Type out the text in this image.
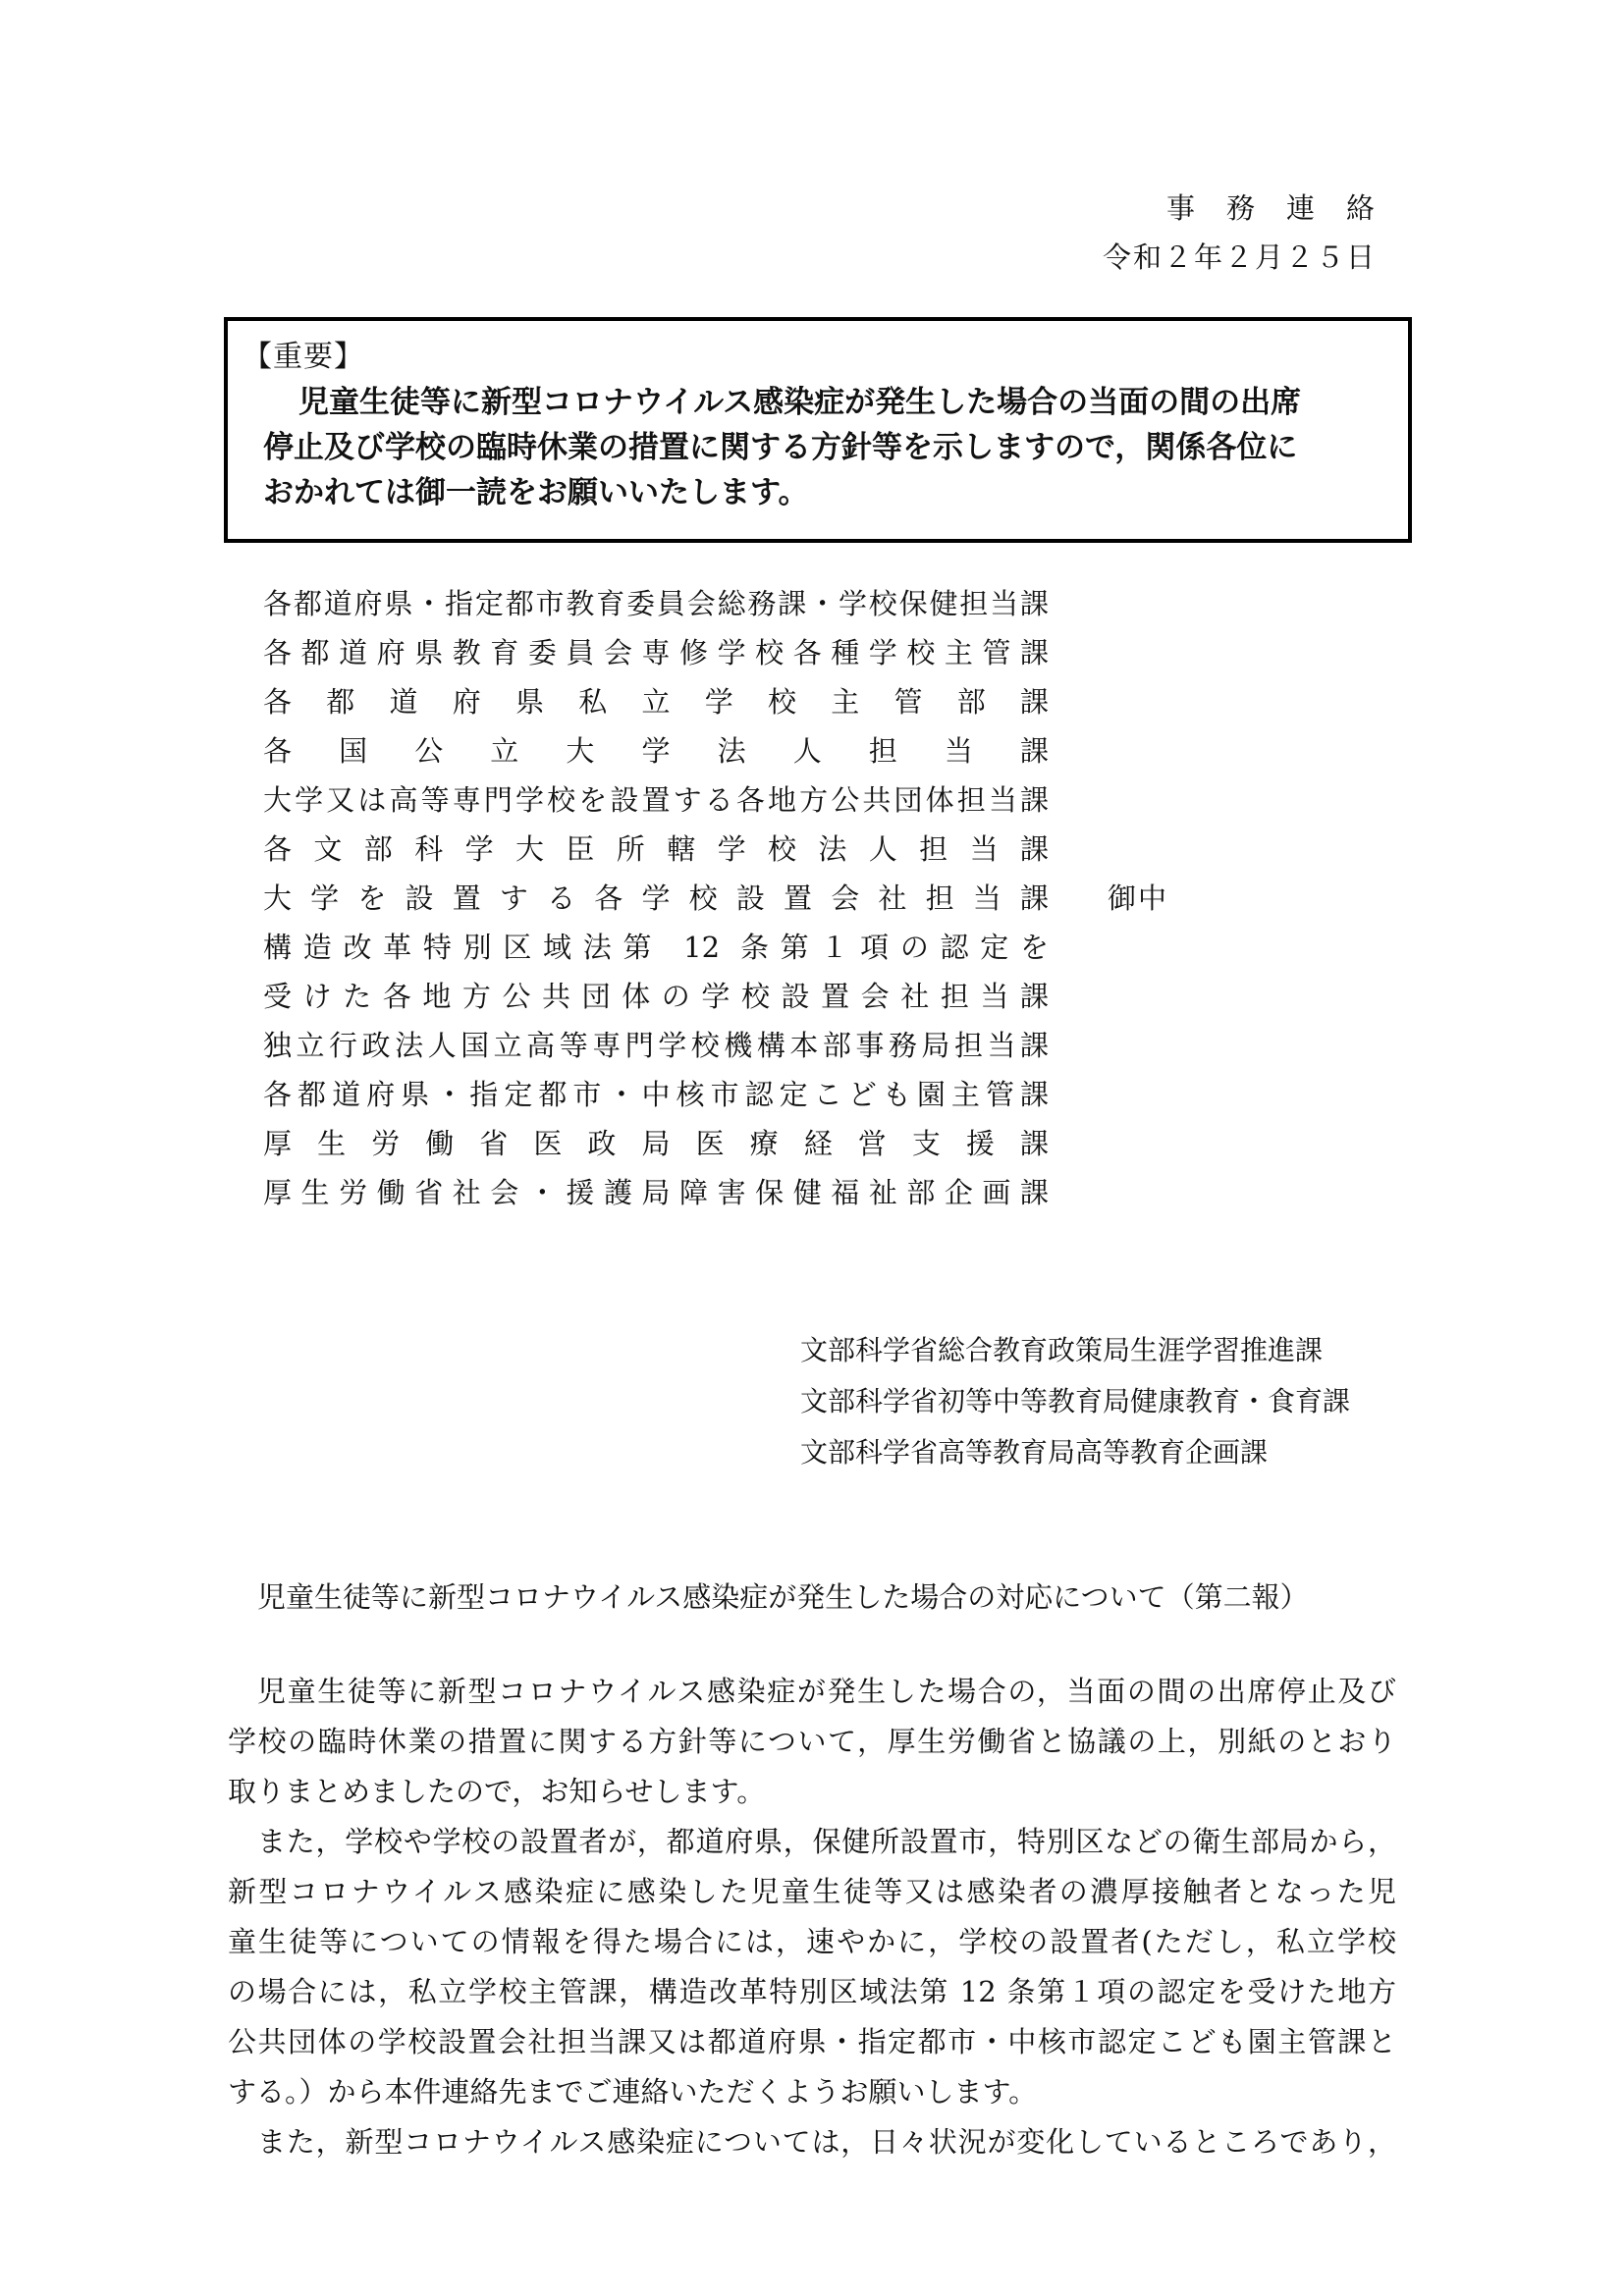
事務連絡
令和２年２月２５日
【重要】
児童生徒等に新型コロナウイルス感染症が発生した場合の当面の間の出席
停止及び学校の臨時休業の措置に関する方針等を示しますので，関係各位に
おかれては御一読をお願いいたします。
各都道府県・指定都市教育委員会総務課・学校保健担当課
各都道府県教育委員会専修学校各種学校主管課
各都道府県私立学校主管部課
各国公立大学法人担当課
大学又は高等専門学校を設置する各地方公共団体担当課
各文部科学大臣所轄学校法人担当課
大学を設置する各学校設置会社担当課
構造改革特別区域法第 12 条第１項の認定を
受けた各地方公共団体の学校設置会社担当課
独立行政法人国立高等専門学校機構本部事務局担当課
各都道府県・指定都市・中核市認定こども園主管課
厚生労働省医政局医療経営支援課
厚生労働省社会・援護局障害保健福祉部企画課
御中
文部科学省総合教育政策局生涯学習推進課
文部科学省初等中等教育局健康教育・食育課
文部科学省高等教育局高等教育企画課
児童生徒等に新型コロナウイルス感染症が発生した場合の対応について（第二報）
児童生徒等に新型コロナウイルス感染症が発生した場合の，当面の間の出席停止及び
学校の臨時休業の措置に関する方針等について，厚生労働省と協議の上，別紙のとおり
取りまとめましたので，お知らせします。
また，学校や学校の設置者が，都道府県，保健所設置市，特別区などの衛生部局から，
新型コロナウイルス感染症に感染した児童生徒等又は感染者の濃厚接触者となった児
童生徒等についての情報を得た場合には，速やかに，学校の設置者(ただし，私立学校
の場合には，私立学校主管課，構造改革特別区域法第 12 条第１項の認定を受けた地方
公共団体の学校設置会社担当課又は都道府県・指定都市・中核市認定こども園主管課と
する。）から本件連絡先までご連絡いただくようお願いします。
また，新型コロナウイルス感染症については，日々状況が変化しているところであり，
